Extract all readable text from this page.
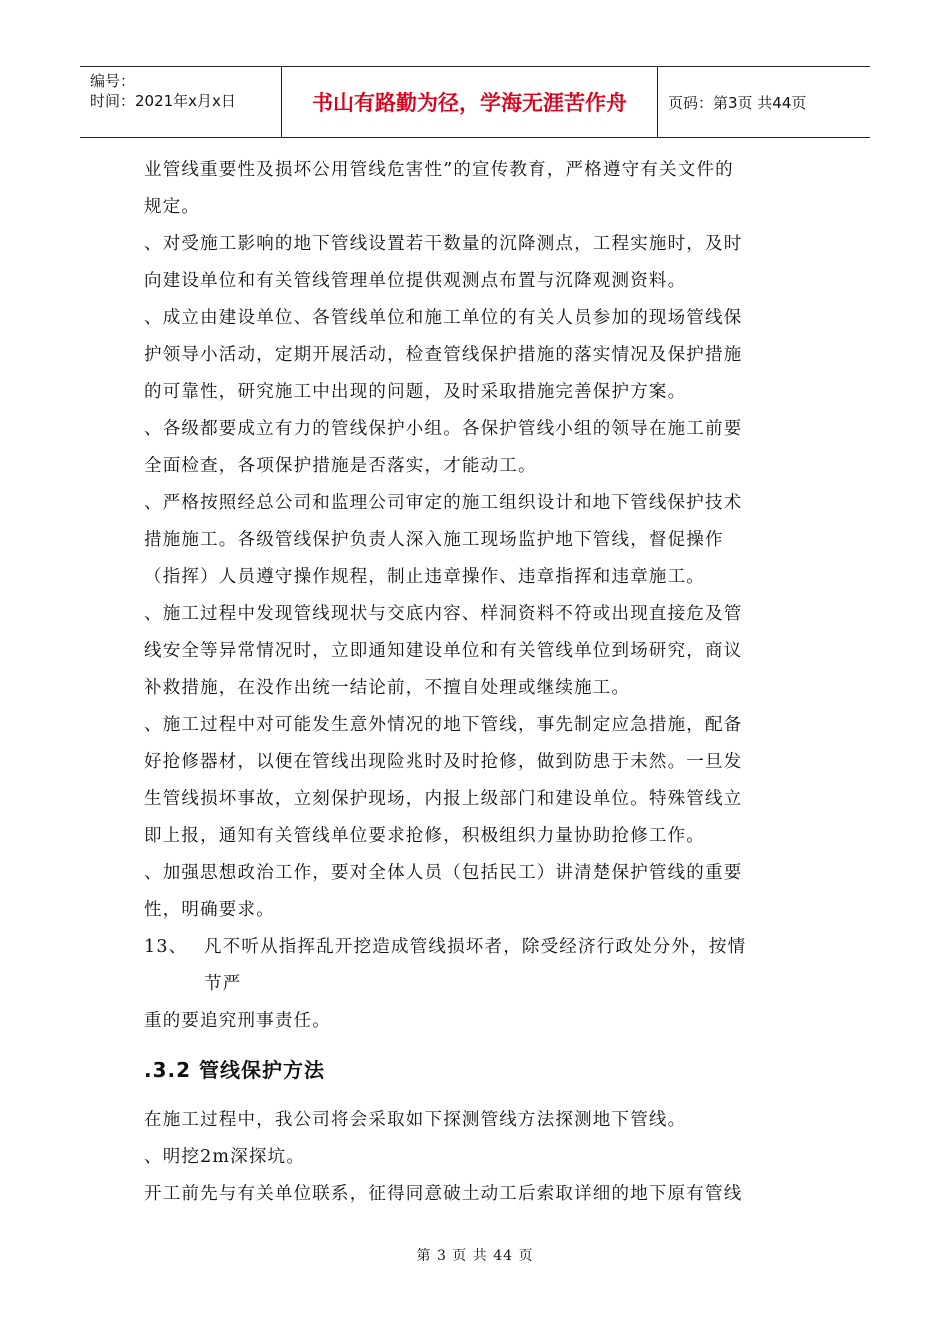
编号：
时间：2021年x月x日	书山有路勤为径，学海无涯苦作舟	页码：第3页 共44页

业管线重要性及损坏公用管线危害性”的宣传教育，严格遵守有关文件的

规定。

、对受施工影响的地下管线设置若干数量的沉降测点，工程实施时，及时

向建设单位和有关管线管理单位提供观测点布置与沉降观测资料。

、成立由建设单位、各管线单位和施工单位的有关人员参加的现场管线保

护领导小活动，定期开展活动，检查管线保护措施的落实情况及保护措施

的可靠性，研究施工中出现的问题，及时采取措施完善保护方案。

、各级都要成立有力的管线保护小组。各保护管线小组的领导在施工前要

全面检查，各项保护措施是否落实，才能动工。

、严格按照经总公司和监理公司审定的施工组织设计和地下管线保护技术

措施施工。各级管线保护负责人深入施工现场监护地下管线，督促操作

（指挥）人员遵守操作规程，制止违章操作、违章指挥和违章施工。

、施工过程中发现管线现状与交底内容、样洞资料不符或出现直接危及管

线安全等异常情况时，立即通知建设单位和有关管线单位到场研究，商议

补救措施，在没作出统一结论前，不擅自处理或继续施工。

、施工过程中对可能发生意外情况的地下管线，事先制定应急措施，配备

好抢修器材，以便在管线出现险兆时及时抢修，做到防患于未然。一旦发

生管线损坏事故，立刻保护现场，内报上级部门和建设单位。特殊管线立

即上报，通知有关管线单位要求抢修，积极组织力量协助抢修工作。

、加强思想政治工作，要对全体人员（包括民工）讲清楚保护管线的重要

性，明确要求。

13、 凡不听从指挥乱开挖造成管线损坏者，除受经济行政处分外，按情
节严

重的要追究刑事责任。

.3.2 管线保护方法

在施工过程中，我公司将会采取如下探测管线方法探测地下管线。

、明挖2m深探坑。

开工前先与有关单位联系，征得同意破土动工后索取详细的地下原有管线

第 3 页 共 44 页
